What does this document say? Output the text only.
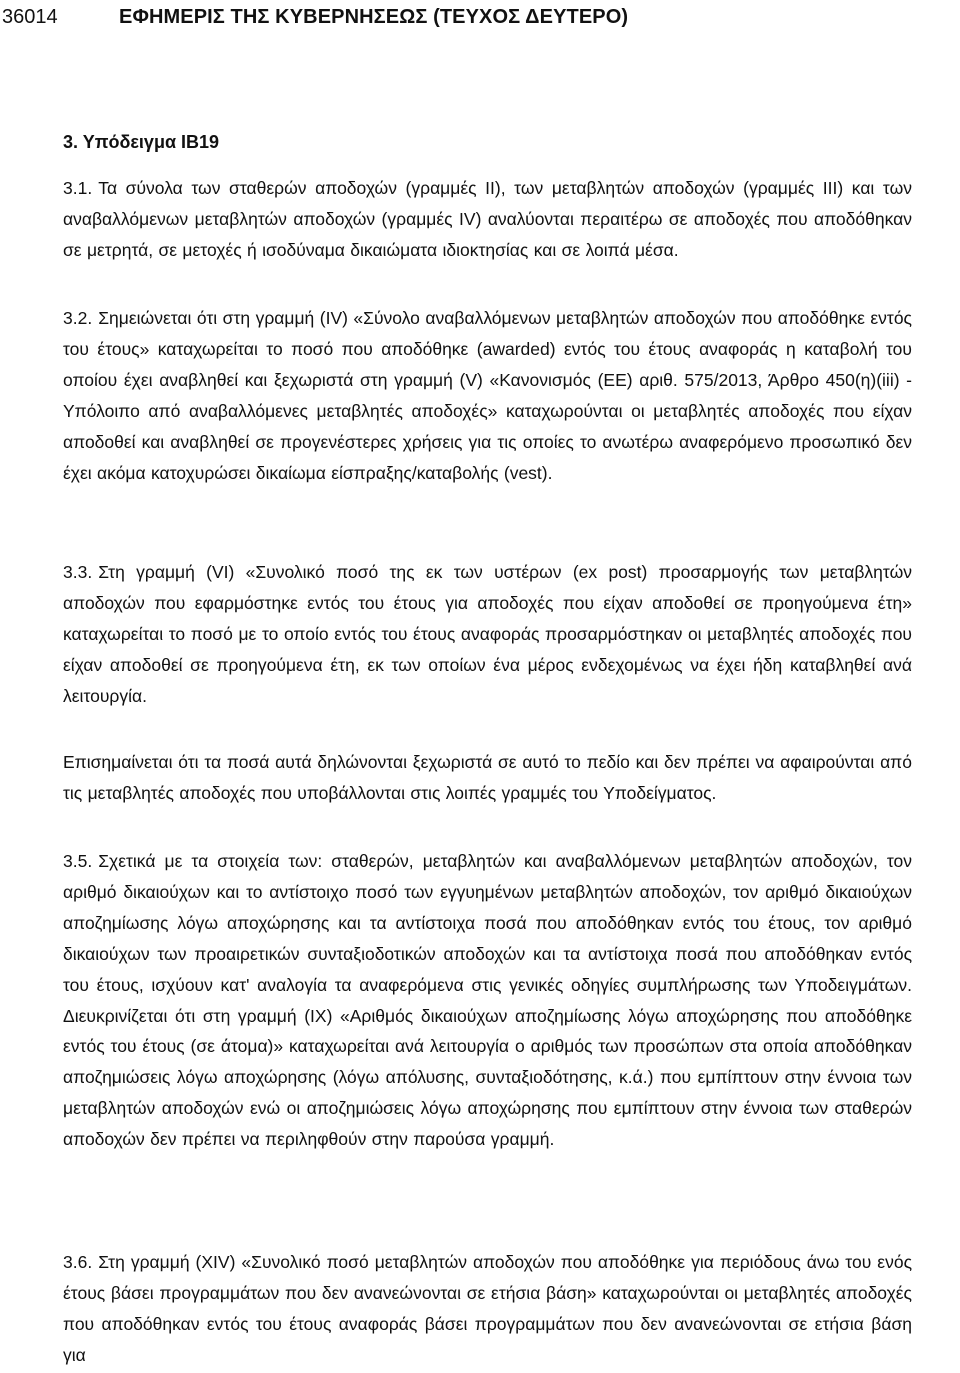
36014	ΕΦΗΜΕΡΙΣ ΤΗΣ ΚΥΒΕΡΝΗΣΕΩΣ (ΤΕΥΧΟΣ ΔΕΥΤΕΡΟ)
3. Υπόδειγμα IB19

3.1. Τα σύνολα των σταθερών αποδοχών (γραμμές II), των μεταβλητών αποδοχών (γραμμές III) και των αναβαλλόμενων μεταβλητών αποδοχών (γραμμές IV) αναλύονται περαιτέρω σε αποδοχές που αποδόθηκαν σε μετρητά, σε μετοχές ή ισοδύναμα δικαιώματα ιδιοκτησίας και σε λοιπά μέσα.

3.2. Σημειώνεται ότι στη γραμμή (IV) «Σύνολο αναβαλλόμενων μεταβλητών αποδοχών που αποδόθηκε εντός του έτους» καταχωρείται το ποσό που αποδόθηκε (awarded) εντός του έτους αναφοράς η καταβολή του οποίου έχει αναβληθεί και ξεχωριστά στη γραμμή (V) «Κανονισμός (ΕΕ) αριθ. 575/2013, Άρθρο 450(η)(iii) - Υπόλοιπο από αναβαλλόμενες μεταβλητές αποδοχές» καταχωρούνται οι μεταβλητές αποδοχές που είχαν αποδοθεί και αναβληθεί σε προγενέστερες χρήσεις για τις οποίες το ανωτέρω αναφερόμενο προσωπικό δεν έχει ακόμα κατοχυρώσει δικαίωμα είσπραξης/καταβολής (vest).

3.3. Στη γραμμή (VI) «Συνολικό ποσό της εκ των υστέρων (ex post) προσαρμογής των μεταβλητών αποδοχών που εφαρμόστηκε εντός του έτους για αποδοχές που είχαν αποδοθεί σε προηγούμενα έτη» καταχωρείται το ποσό με το οποίο εντός του έτους αναφοράς προσαρμόστηκαν οι μεταβλητές αποδοχές που είχαν αποδοθεί σε προηγούμενα έτη, εκ των οποίων ένα μέρος ενδεχομένως να έχει ήδη καταβληθεί ανά λειτουργία.

Επισημαίνεται ότι τα ποσά αυτά δηλώνονται ξεχωριστά σε αυτό το πεδίο και δεν πρέπει να αφαιρούνται από τις μεταβλητές αποδοχές που υποβάλλονται στις λοιπές γραμμές του Υποδείγματος.

3.5. Σχετικά με τα στοιχεία των: σταθερών, μεταβλητών και αναβαλλόμενων μεταβλητών αποδοχών, τον αριθμό δικαιούχων και το αντίστοιχο ποσό των εγγυημένων μεταβλητών αποδοχών, τον αριθμό δικαιούχων αποζημίωσης λόγω αποχώρησης και τα αντίστοιχα ποσά που αποδόθηκαν εντός του έτους, τον αριθμό δικαιούχων των προαιρετικών συνταξιοδοτικών αποδοχών και τα αντίστοιχα ποσά που αποδόθηκαν εντός του έτους, ισχύουν κατ' αναλογία τα αναφερόμενα στις γενικές οδηγίες συμπλήρωσης των Υποδειγμάτων. Διευκρινίζεται ότι στη γραμμή (IX) «Αριθμός δικαιούχων αποζημίωσης λόγω αποχώρησης που αποδόθηκε εντός του έτους (σε άτομα)» καταχωρείται ανά λειτουργία ο αριθμός των προσώπων στα οποία αποδόθηκαν αποζημιώσεις λόγω αποχώρησης (λόγω απόλυσης, συνταξιοδότησης, κ.ά.) που εμπίπτουν στην έννοια των μεταβλητών αποδοχών ενώ οι αποζημιώσεις λόγω αποχώρησης που εμπίπτουν στην έννοια των σταθερών αποδοχών δεν πρέπει να περιληφθούν στην παρούσα γραμμή.

3.6. Στη γραμμή (XIV) «Συνολικό ποσό μεταβλητών αποδοχών που αποδόθηκε για περιόδους άνω του ενός έτους βάσει προγραμμάτων που δεν ανανεώνονται σε ετήσια βάση» καταχωρούνται οι μεταβλητές αποδοχές που αποδόθηκαν εντός του έτους αναφοράς βάσει προγραμμάτων που δεν ανανεώνονται σε ετήσια βάση για
